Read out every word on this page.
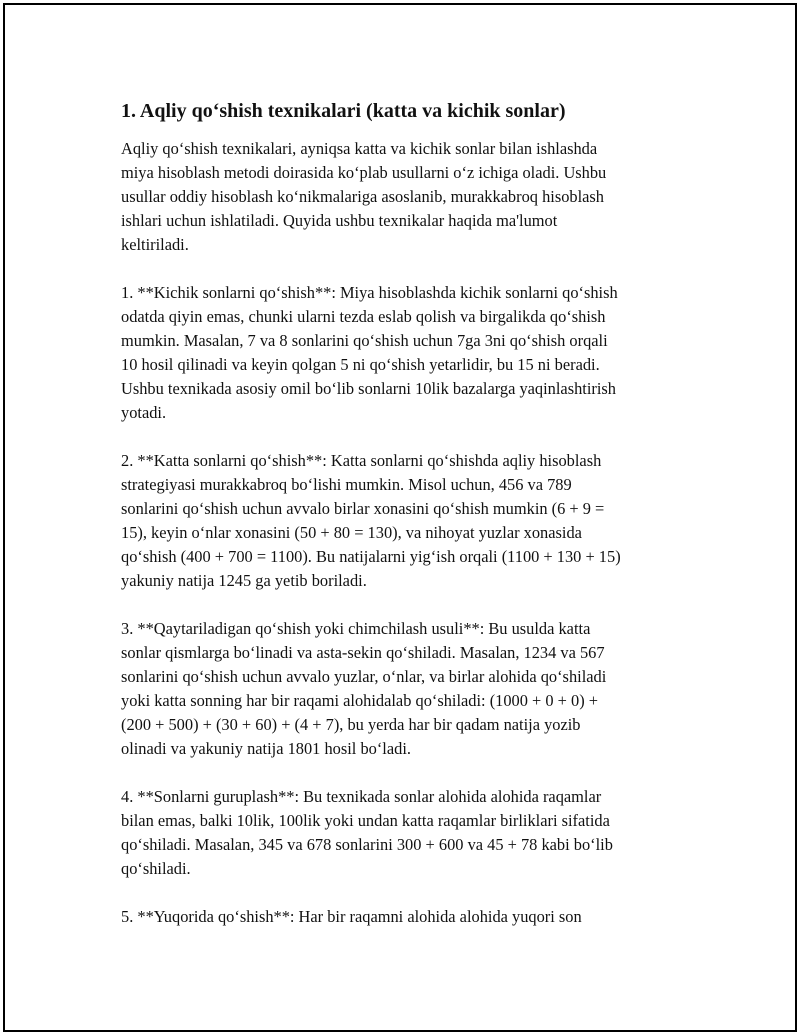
1. Aqliy qo‘shish texnikalari (katta va kichik sonlar)

Aqliy qo‘shish texnikalari, ayniqsa katta va kichik sonlar bilan ishlashda
miya hisoblash metodi doirasida ko‘plab usullarni o‘z ichiga oladi. Ushbu
usullar oddiy hisoblash ko‘nikmalariga asoslanib, murakkabroq hisoblash
ishlari uchun ishlatiladi. Quyida ushbu texnikalar haqida ma'lumot
keltiriladi.

1. **Kichik sonlarni qo‘shish**: Miya hisoblashda kichik sonlarni qo‘shish
odatda qiyin emas, chunki ularni tezda eslab qolish va birgalikda qo‘shish
mumkin. Masalan, 7 va 8 sonlarini qo‘shish uchun 7ga 3ni qo‘shish orqali
10 hosil qilinadi va keyin qolgan 5 ni qo‘shish yetarlidir, bu 15 ni beradi.
Ushbu texnikada asosiy omil bo‘lib sonlarni 10lik bazalarga yaqinlashtirish
yotadi.

2. **Katta sonlarni qo‘shish**: Katta sonlarni qo‘shishda aqliy hisoblash
strategiyasi murakkabroq bo‘lishi mumkin. Misol uchun, 456 va 789
sonlarini qo‘shish uchun avvalo birlar xonasini qo‘shish mumkin (6 + 9 =
15), keyin o‘nlar xonasini (50 + 80 = 130), va nihoyat yuzlar xonasida
qo‘shish (400 + 700 = 1100). Bu natijalarni yig‘ish orqali (1100 + 130 + 15)
yakuniy natija 1245 ga yetib boriladi.

3. **Qaytariladigan qo‘shish yoki chimchilash usuli**: Bu usulda katta
sonlar qismlarga bo‘linadi va asta-sekin qo‘shiladi. Masalan, 1234 va 567
sonlarini qo‘shish uchun avvalo yuzlar, o‘nlar, va birlar alohida qo‘shiladi
yoki katta sonning har bir raqami alohidalab qo‘shiladi: (1000 + 0 + 0) +
(200 + 500) + (30 + 60) + (4 + 7), bu yerda har bir qadam natija yozib
olinadi va yakuniy natija 1801 hosil bo‘ladi.

4. **Sonlarni guruplash**: Bu texnikada sonlar alohida alohida raqamlar
bilan emas, balki 10lik, 100lik yoki undan katta raqamlar birliklari sifatida
qo‘shiladi. Masalan, 345 va 678 sonlarini 300 + 600 va 45 + 78 kabi bo‘lib
qo‘shiladi.

5. **Yuqorida qo‘shish**: Har bir raqamni alohida alohida yuqori son
